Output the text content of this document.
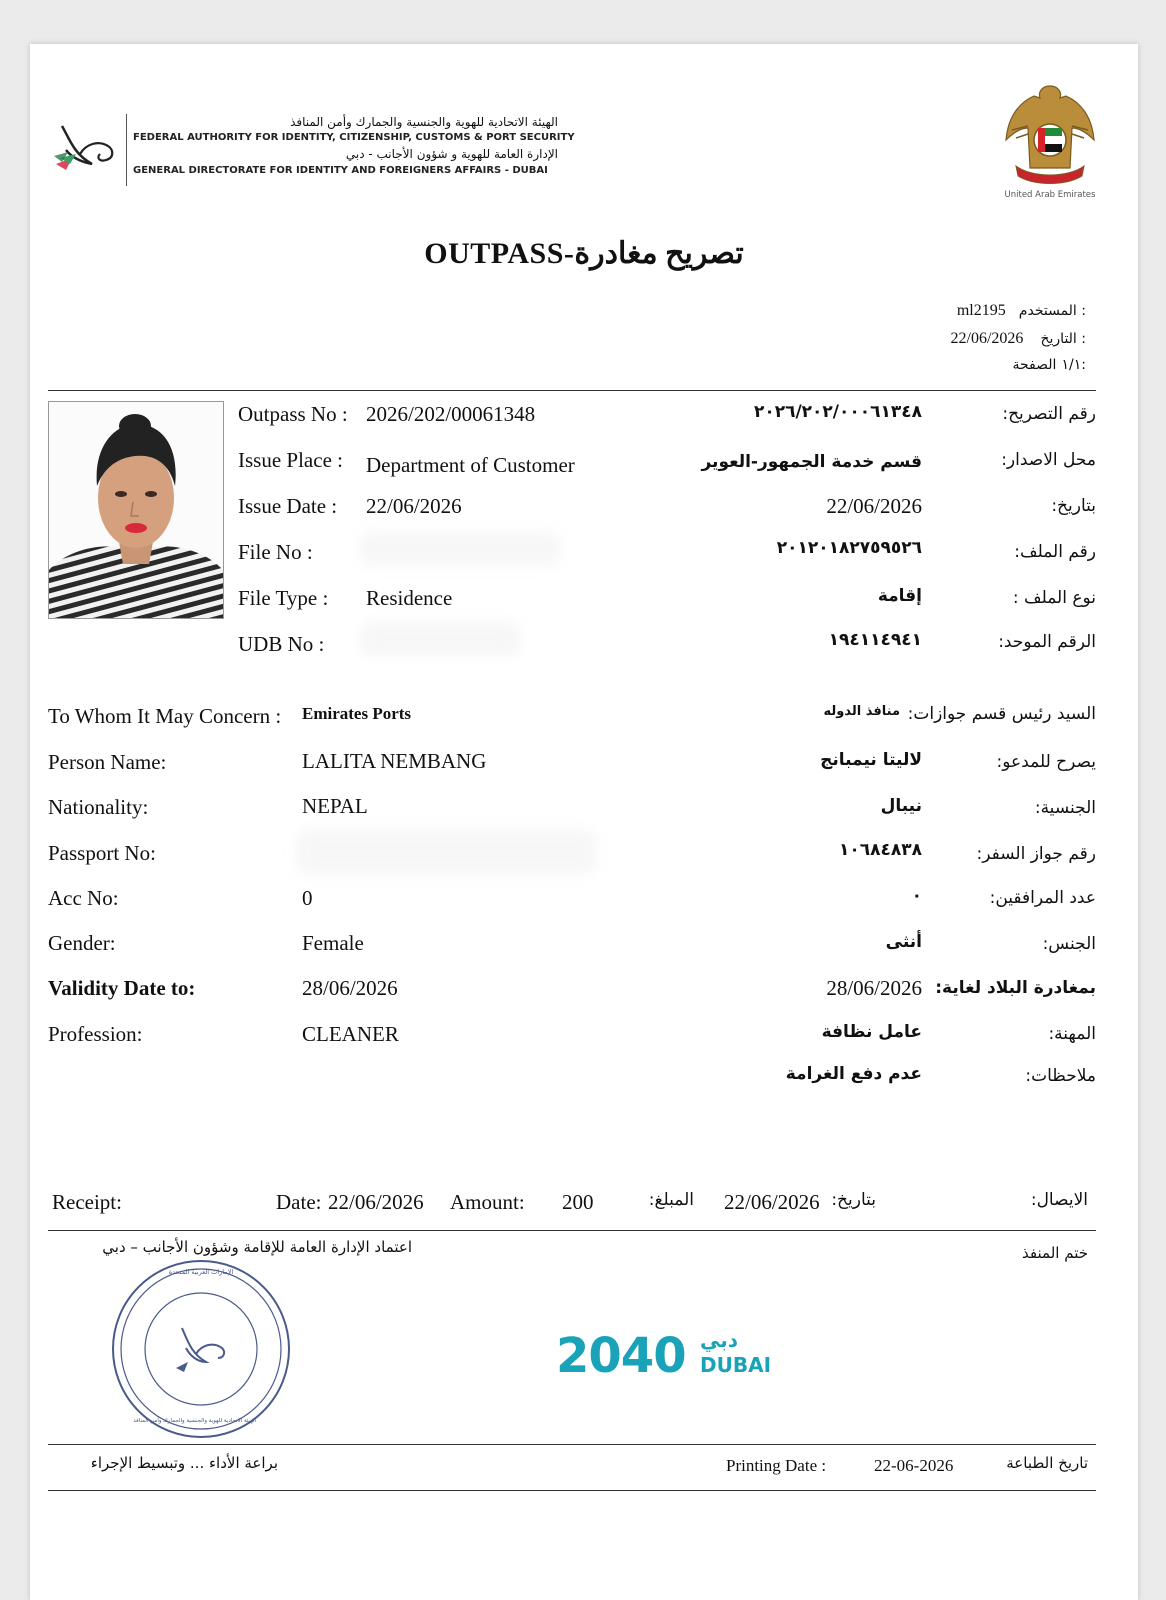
الهيئة الاتحادية للهوية والجنسية والجمارك وأمن المنافذ
FEDERAL AUTHORITY FOR IDENTITY, CITIZENSHIP, CUSTOMS & PORT SECURITY
الإدارة العامة للهوية و شؤون الأجانب - دبي
GENERAL DIRECTORATE FOR IDENTITY AND FOREIGNERS AFFAIRS - DUBAI
United Arab Emirates
OUTPASS-تصريح مغادرة
ml2195 المستخدم :
22/06/2026 التاريخ :
١/١ الصفحة:
Outpass No : 2026/202/00061348	٢٠٢٦/٢٠٢/٠٠٠٦١٣٤٨	رقم التصريح:
Issue Place : Department of Customer	قسم خدمة الجمهور-العوير	محل الاصدار:
Issue Date : 22/06/2026	22/06/2026	بتاريخ:
File No :	٢٠١٢٠١٨٢٧٥٩٥٢٦	رقم الملف:
File Type : Residence	إقامة	نوع الملف :
UDB No :	١٩٤١١٤٩٤١	الرقم الموحد:
To Whom It May Concern : Emirates Ports	منافذ الدوله السيد رئيس قسم جوازات:
Person Name:	LALITA NEMBANG	لاليتا نيمبانج	يصرح للمدعو:
Nationality:	NEPAL	نيبال	الجنسية:
Passport No:	١٠٦٨٤٨٣٨	رقم جواز السفر:
Acc No:	0	٠	عدد المرافقين:
Gender:	Female	أنثى	الجنس:
Validity Date to:	28/06/2026	28/06/2026 بمغادرة البلاد لغاية:
Profession:	CLEANER	عامل نظافة	المهنة:
عدم دفع الغرامة	ملاحظات:
Receipt:	Date: 22/06/2026 Amount: 200	المبلغ: 22/06/2026 بتاريخ:	الايصال:
اعتماد الإدارة العامة للإقامة وشؤون الأجانب – دبي	ختم المنفذ
الإمارات العربية المتحدة
الهيئة الاتحادية للهوية والجنسية والجمارك وأمن المنافذ
2040 دبي
DUBAI
براعة الأداء ... وتبسيط الإجراء	Printing Date :	22-06-2026	تاريخ الطباعة
